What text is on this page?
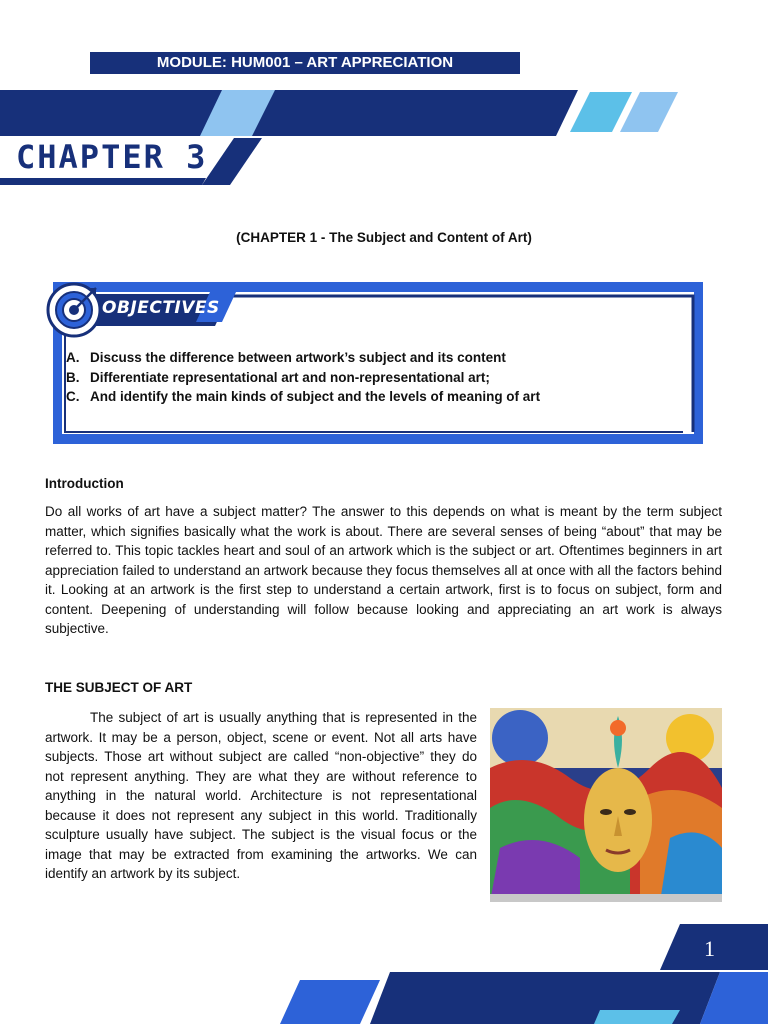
MODULE: HUM001 – ART APPRECIATION
CHAPTER 3
(CHAPTER 1 - The Subject and Content of Art)
OBJECTIVES
A. Discuss the difference between artwork’s subject and its content
B. Differentiate representational art and non-representational art;
C. And identify the main kinds of subject and the levels of meaning of art
Introduction
Do all works of art have a subject matter? The answer to this depends on what is meant by the term subject matter, which signifies basically what the work is about. There are several senses of being “about” that may be referred to. This topic tackles heart and soul of an artwork which is the subject or art. Oftentimes beginners in art appreciation failed to understand an artwork because they focus themselves all at once with all the factors behind it. Looking at an artwork is the first step to understand a certain artwork, first is to focus on subject, form and content. Deepening of understanding will follow because looking and appreciating an art work is always subjective.
THE SUBJECT OF ART
The subject of art is usually anything that is represented in the artwork. It may be a person, object, scene or event. Not all arts have subjects. Those art without subject are called “non-objective” they do not represent anything. They are what they are without reference to anything in the natural world. Architecture is not representational because it does not represent any subject in this world. Traditionally sculpture usually have subject. The subject is the visual focus or the image that may be extracted from examining the artworks. We can identify an artwork by its subject.
1
